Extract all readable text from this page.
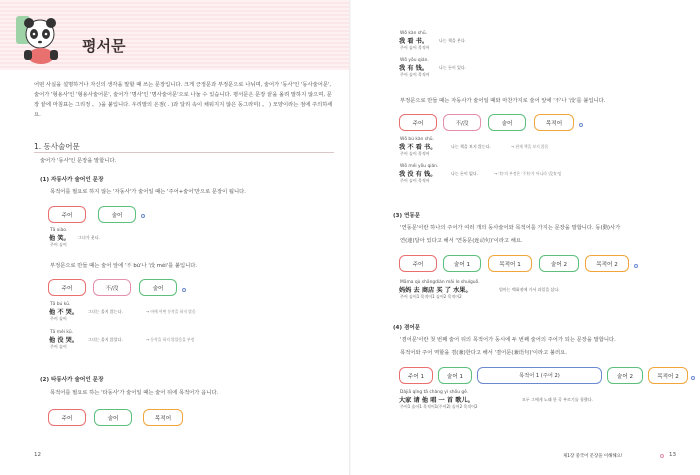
평서문
어떤 사실을 설명하거나 자신의 생각을 말할 때 쓰는 문장입니다. 크게 긍정문과 부정문으로 나뉘며, 술어가 '동사'인 '동사술어문', 술어가 '형용사'인 '형용사술어문', 술어가 '명사'인 '명사술어문'으로 나눌 수 있습니다. 평서문은 문장 끝을 올려 말하지 않으며, 문장 끝에 마침표는 그리정 。 )을 붙입니다. 우리말의 온점( . )과 달리 속이 채워지지 않은 동그라미( 。 ) 모양이라는 점에 주의하세요.
1. 동사술어문
술어가 '동사'인 문장을 말합니다.
(1) 자동사가 술어인 문장
목적어를 필요로 하지 않는 '자동사'가 술어일 때는 '주어+술어'만으로 문장이 됩니다.
주어	술어
Tā xiào.
他 笑。 그녀가 웃다.
주어 술어
부정문으로 만들 때는 술어 앞에 '不 bù'나 '没 méi'를 붙입니다.
주어	不/没	술어
Tā bú kū.
他 不 哭。 그녀는 울지 않는다.	→ 아예 어떤 동작을 하지 않음
주어 술어
Tā méi kū.
他 没 哭。 그녀는 울지 않았다.	→ 동작을 하지 않았음을 부정
주어 술어
(2) 타동사가 술어인 문장
목적어를 필요로 하는 '타동사'가 술어일 때는 술어 뒤에 목적어가 옵니다.
주어	술어	목적어
12
Wǒ kàn shū.
我 看 书。	나는 책을 본다.
주어 술어 목적어
Wǒ yǒu qián.
我 有 钱。	나는 돈이 있다.
주어 술어 목적어
부정문으로 만들 때는 자동사가 술어일 때와 마찬가지로 술어 앞에 '不'나 '没'를 붙입니다.
주어	不/没	술어	목적어
Wǒ bú kàn shū.
我 不 看 书。	나는 책을 보지 않는다.	→ 현재 책을 보지 않음
주어 술어 목적어
Wǒ méi yǒu qián.
我 没 有 钱。	나는 돈이 없다.	→ '有'의 부정은 '不有'가 아니라 '没有'임
주어 술어 목적어
(3) 연동문
'연동문'이란 하나의 주어가 여러 개의 동사술어와 목적어를 가지는 문장을 말합니다. 동(動)사가
연(連)달아 있다고 해서 '연동문(连动句)'이라고 해요.
주어	술어 1	목적어 1	술어 2	목적어 2
Māma qù shāngdiàn mǎi le shuǐguǒ.
妈妈 去 商店 买 了 水果。	엄마는 백화점에 가서 과일을 샀다.
주어 술어1 목적어1 술어2 목적어2
(4) 겸어문
'겸어문'이란 첫 번째 술어 뒤의 목적어가 동시에 두 번째 술어의 주어가 되는 문장을 말합니다.
목적어와 주어 역할을 겸(兼)한다고 해서 '겸어문(兼语句)'이라고 불러요.
주어 1	술어 1	목적어 1 (주어 2)	술어 2	목적어 2
Dàjiā qǐng tā chàng yì shǒu gē.
大家 请 他 唱 一 首 歌儿。	모두 그에게 노래 한 곡 부르기를 청했다.
주어1 술어1 목적어1(주어2) 술어2 목적어2
제1장 중국어 문장을 이해해요!	13
